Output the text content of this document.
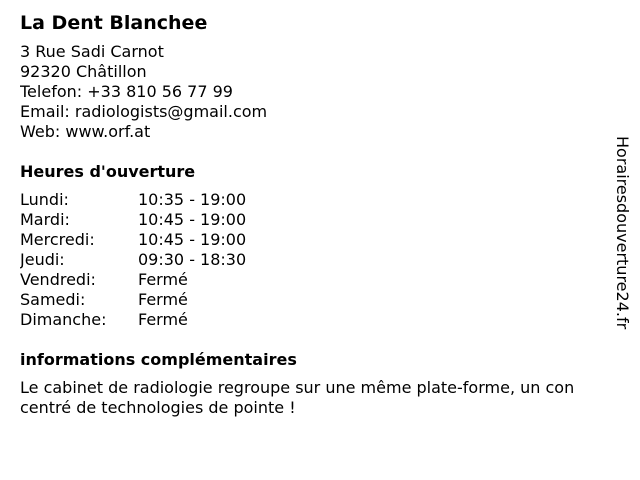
La Dent Blanchee
3 Rue Sadi Carnot
92320 Châtillon
Telefon: +33 810 56 77 99
Email: radiologists@gmail.com
Web: www.orf.at
Heures d'ouverture
Lundi:	10:35 - 19:00
Mardi:	10:45 - 19:00
Mercredi:	10:45 - 19:00
Jeudi:	09:30 - 18:30
Vendredi:	Fermé
Samedi:	Fermé
Dimanche:	Fermé
informations complémentaires
Le cabinet de radiologie regroupe sur une même plate-forme, un con
centré de technologies de pointe !
Horairesdouverture24.fr
